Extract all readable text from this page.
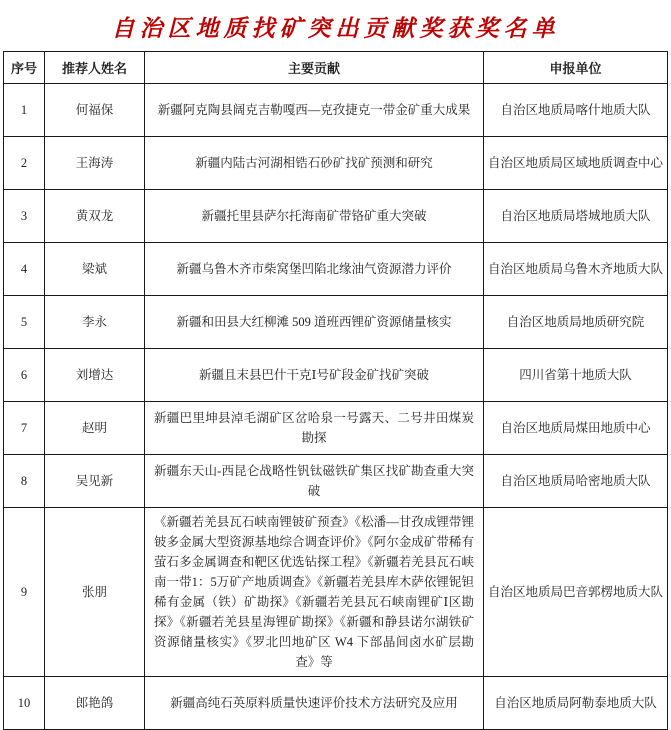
自治区地质找矿突出贡献奖获奖名单
序号	推荐人姓名	主要贡献	申报单位
1	何福保	新疆阿克陶县阔克吉勒嘎西—克孜捷克一带金矿重大成果	自治区地质局喀什地质大队
2	王海涛	新疆内陆古河湖相锆石砂矿找矿预测和研究	自治区地质局区域地质调查中心
3	黄双龙	新疆托里县萨尔托海南矿带铬矿重大突破	自治区地质局塔城地质大队
4	梁斌	新疆乌鲁木齐市柴窝堡凹陷北缘油气资源潜力评价	自治区地质局乌鲁木齐地质大队
5	李永	新疆和田县大红柳滩 509 道班西锂矿资源储量核实	自治区地质局地质研究院
6	刘增达	新疆且末县巴什干克Ⅰ号矿段金矿找矿突破	四川省第十地质大队
7	赵明	新疆巴里坤县淖毛湖矿区岔哈泉一号露天、二号井田煤炭勘探	自治区地质局煤田地质中心
8	吴见新	新疆东天山-西昆仑战略性钒钛磁铁矿集区找矿勘查重大突破	自治区地质局哈密地质大队
9	张朋	《新疆若羌县瓦石峡南锂铍矿预查》《松潘—甘孜成锂带锂铍多金属大型资源基地综合调查评价》《阿尔金成矿带稀有萤石多金属调查和靶区优选钻探工程》《新疆若羌县瓦石峡南一带1：5万矿产地质调查》《新疆若羌县库木萨依锂铌钽稀有金属（铁）矿勘探》《新疆若羌县瓦石峡南锂矿Ⅰ区勘探》《新疆若羌县星海锂矿勘探》《新疆和静县诺尔湖铁矿资源储量核实》《罗北凹地矿区 W4 下部晶间卤水矿层勘查》等	自治区地质局巴音郭楞地质大队
10	郎艳鸽	新疆高纯石英原料质量快速评价技术方法研究及应用	自治区地质局阿勒泰地质大队
